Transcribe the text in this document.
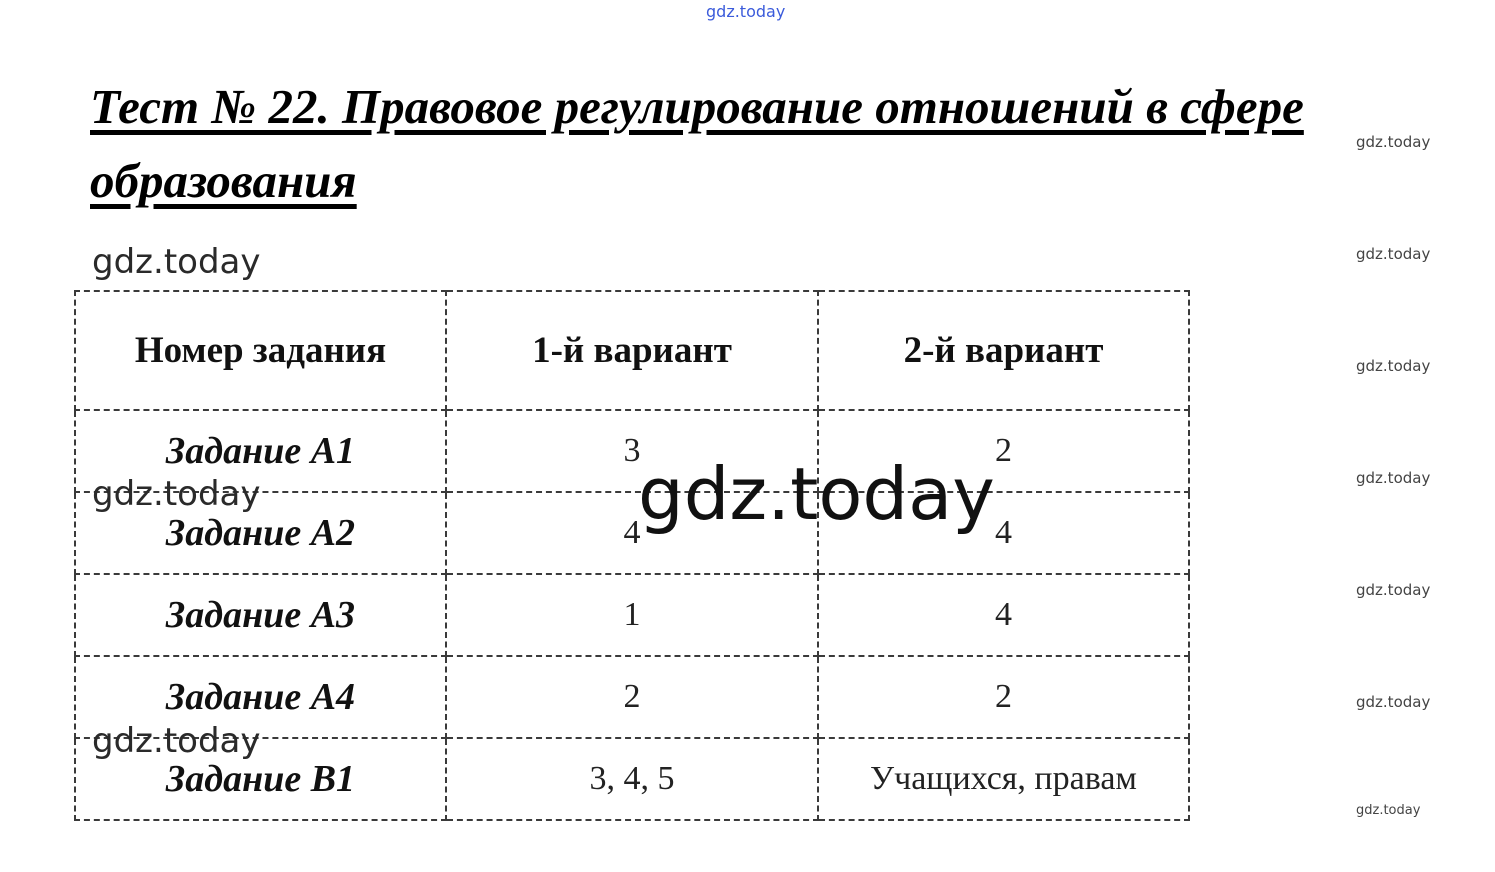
gdz.today
Тест № 22. Правовое регулирование отношений в сфере образования
gdz.today
gdz.today
gdz.today
gdz.today
gdz.today
gdz.today
gdz.today
Номер задания	1-й вариант	2-й вариант
Задание А1	3	2
Задание А2	4	4
Задание А3	1	4
Задание А4	2	2
Задание В1	3, 4, 5	Учащихся, правам
gdz.today
gdz.today
gdz.today
gdz.today
